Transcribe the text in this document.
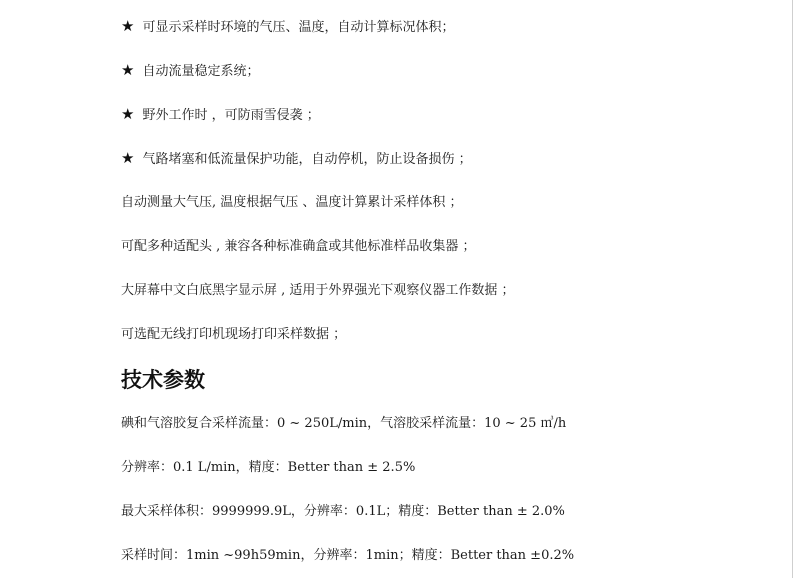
★ 可显示采样时环境的气压、温度，自动计算标况体积；
★ 自动流量稳定系统；
★ 野外工作时 ，可防雨雪侵袭 ；
★ 气路堵塞和低流量保护功能，自动停机，防止设备损伤 ；
自动测量大气压, 温度根据气压 、温度计算累计采样体积 ；
可配多种适配头 , 兼容各种标准确盒或其他标准样品收集器 ；
大屏幕中文白底黑字显示屏 , 适用于外界强光下观察仪器工作数据 ；
可选配无线打印机现场打印采样数据 ；
技术参数
碘和气溶胶复合采样流量：0 ~ 250L/min，气溶胶采样流量：10 ~ 25 ㎥/h
分辨率：0.1 L/min，精度：Better than ± 2.5%
最大采样体积：9999999.9L，分辨率：0.1L；精度：Better than ± 2.0%
采样时间：1min ~99h59min，分辨率：1min；精度：Better than ±0.2%
